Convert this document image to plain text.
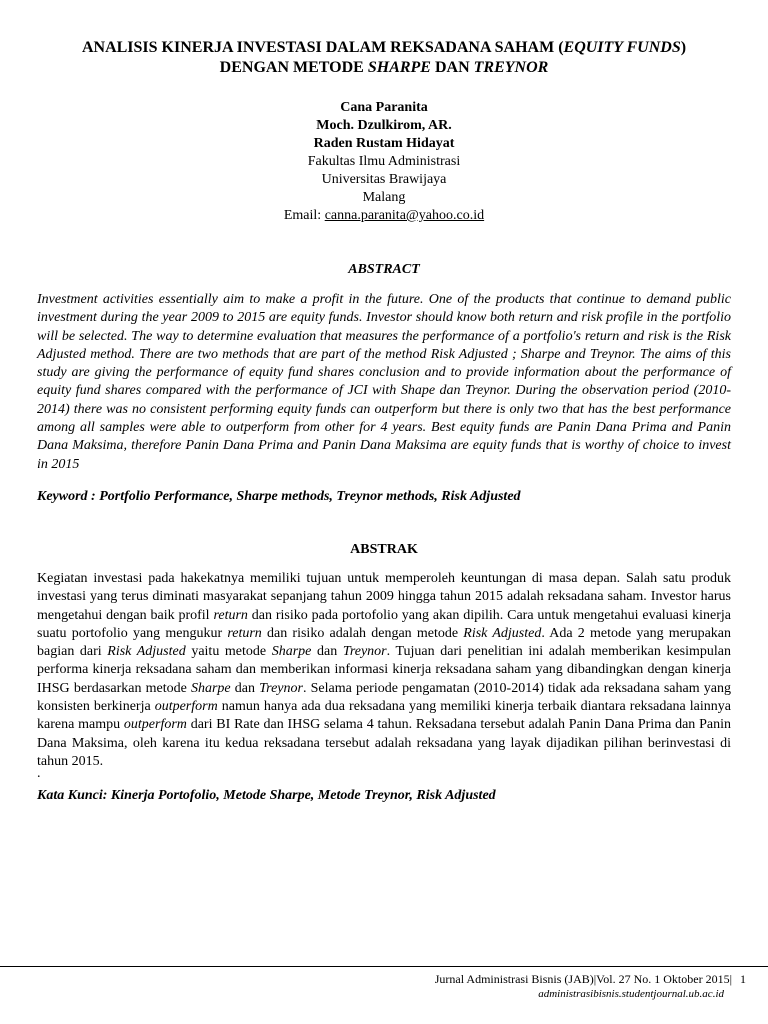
ANALISIS KINERJA INVESTASI DALAM REKSADANA SAHAM (EQUITY FUNDS)
DENGAN METODE SHARPE DAN TREYNOR
Cana Paranita
Moch. Dzulkirom, AR.
Raden Rustam Hidayat
Fakultas Ilmu Administrasi
Universitas Brawijaya
Malang
Email: canna.paranita@yahoo.co.id
ABSTRACT

Investment activities essentially aim to make a profit in the future. One of the products that continue to demand public investment during the year 2009 to 2015 are equity funds. Investor should know both return and risk profile in the portfolio will be selected. The way to determine evaluation that measures the performance of a portfolio's return and risk is the Risk Adjusted method. There are two methods that are part of the method Risk Adjusted ; Sharpe and Treynor. The aims of this study are giving the performance of equity fund shares conclusion and to provide information about the performance of equity fund shares compared with the performance of JCI with Shape dan Treynor. During the observation period (2010-2014) there was no consistent performing equity funds can outperform but there is only two that has the best performance among all samples were able to outperform from other for 4 years. Best equity funds are Panin Dana Prima and Panin Dana Maksima, therefore Panin Dana Prima and Panin Dana Maksima are equity funds that is worthy of choice to invest in 2015

Keyword : Portfolio Performance, Sharpe methods, Treynor methods, Risk Adjusted

ABSTRAK

Kegiatan investasi pada hakekatnya memiliki tujuan untuk memperoleh keuntungan di masa depan. Salah satu produk investasi yang terus diminati masyarakat sepanjang tahun 2009 hingga tahun 2015 adalah reksadana saham. Investor harus mengetahui dengan baik profil return dan risiko pada portofolio yang akan dipilih. Cara untuk mengetahui evaluasi kinerja suatu portofolio yang mengukur return dan risiko adalah dengan metode Risk Adjusted. Ada 2 metode yang merupakan bagian dari Risk Adjusted yaitu metode Sharpe dan Treynor. Tujuan dari penelitian ini adalah memberikan kesimpulan performa kinerja reksadana saham dan memberikan informasi kinerja reksadana saham yang dibandingkan dengan kinerja IHSG berdasarkan metode Sharpe dan Treynor. Selama periode pengamatan (2010-2014) tidak ada reksadana saham yang konsisten berkinerja outperform namun hanya ada dua reksadana yang memiliki kinerja terbaik diantara reksadana lainnya karena mampu outperform dari BI Rate dan IHSG selama 4 tahun. Reksadana tersebut adalah Panin Dana Prima dan Panin Dana Maksima, oleh karena itu kedua reksadana tersebut adalah reksadana yang layak dijadikan pilihan berinvestasi di tahun 2015.

.

Kata Kunci: Kinerja Portofolio, Metode Sharpe, Metode Treynor, Risk Adjusted

Jurnal Administrasi Bisnis (JAB)|Vol. 27 No. 1 Oktober 2015| 1
administrasibisnis.studentjournal.ub.ac.id
